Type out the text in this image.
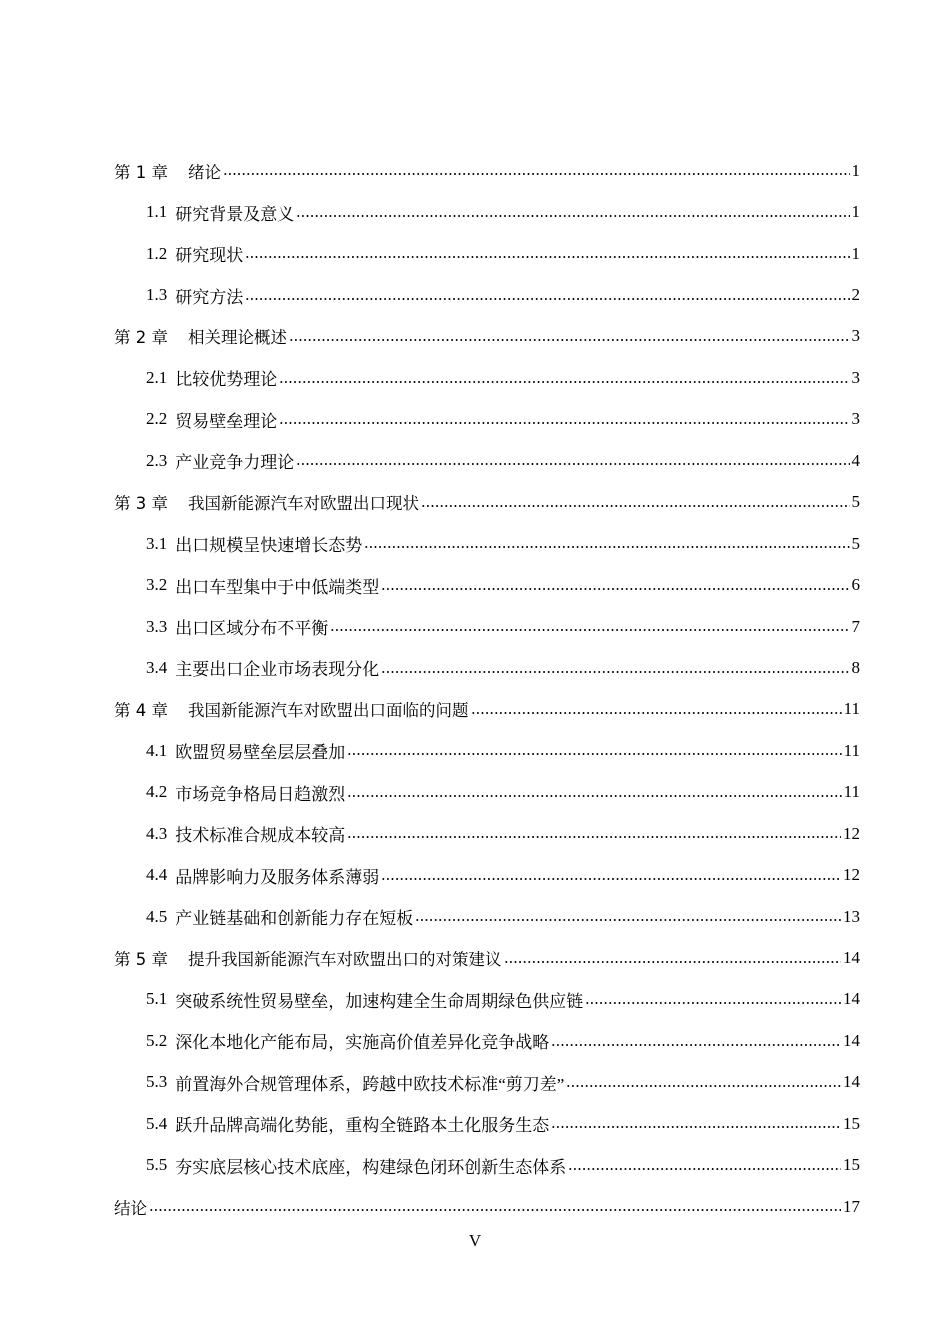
第 1 章 绪论	1
1.1 研究背景及意义	1
1.2 研究现状	1
1.3 研究方法	2
第 2 章 相关理论概述	3
2.1 比较优势理论	3
2.2 贸易壁垒理论	3
2.3 产业竞争力理论	4
第 3 章 我国新能源汽车对欧盟出口现状	5
3.1 出口规模呈快速增长态势	5
3.2 出口车型集中于中低端类型	6
3.3 出口区域分布不平衡	7
3.4 主要出口企业市场表现分化	8
第 4 章 我国新能源汽车对欧盟出口面临的问题	11
4.1 欧盟贸易壁垒层层叠加	11
4.2 市场竞争格局日趋激烈	11
4.3 技术标准合规成本较高	12
4.4 品牌影响力及服务体系薄弱	12
4.5 产业链基础和创新能力存在短板	13
第 5 章 提升我国新能源汽车对欧盟出口的对策建议	14
5.1 突破系统性贸易壁垒，加速构建全生命周期绿色供应链	14
5.2 深化本地化产能布局，实施高价值差异化竞争战略	14
5.3 前置海外合规管理体系，跨越中欧技术标准“剪刀差”	14
5.4 跃升品牌高端化势能，重构全链路本土化服务生态	15
5.5 夯实底层核心技术底座，构建绿色闭环创新生态体系	15
结论	17
V
